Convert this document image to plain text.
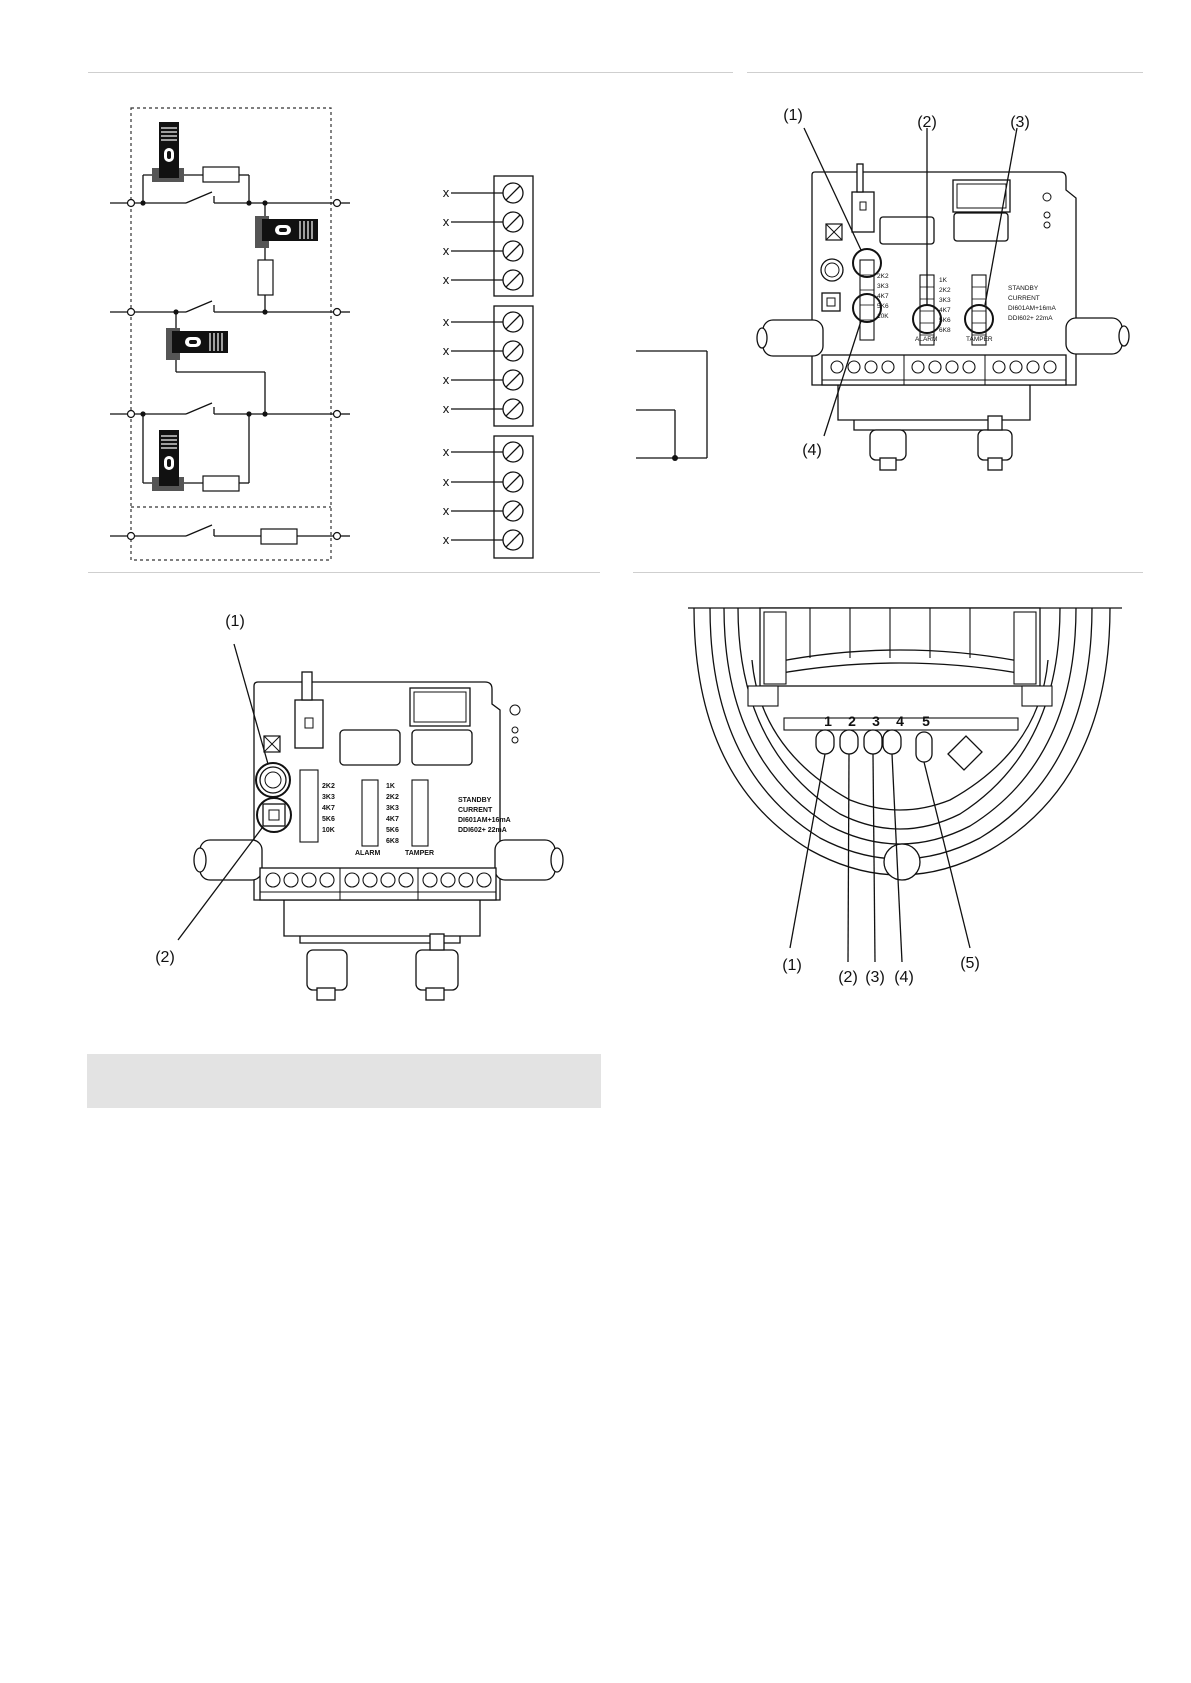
x
x
x
x
x
x
x
x
x
x
x
x
2K2
3K3
4K7
5K6
10K
1K
2K2
3K3
4K7
5K6
6K8
ALARM	TAMPER
STANDBY
CURRENT
DI601AM+16mA
DDI602+ 22mA
(1)	(2)	(3)
(4)
2K2
3K3
4K7
5K6
10K
1K
2K2
3K3
4K7
5K6
6K8
ALARM	TAMPER
STANDBY
CURRENT
DI601AM+16mA
DDI602+ 22mA
(1)
(2)
1 2 3 4 5
(1)
(2) (3) (4)
(5)
